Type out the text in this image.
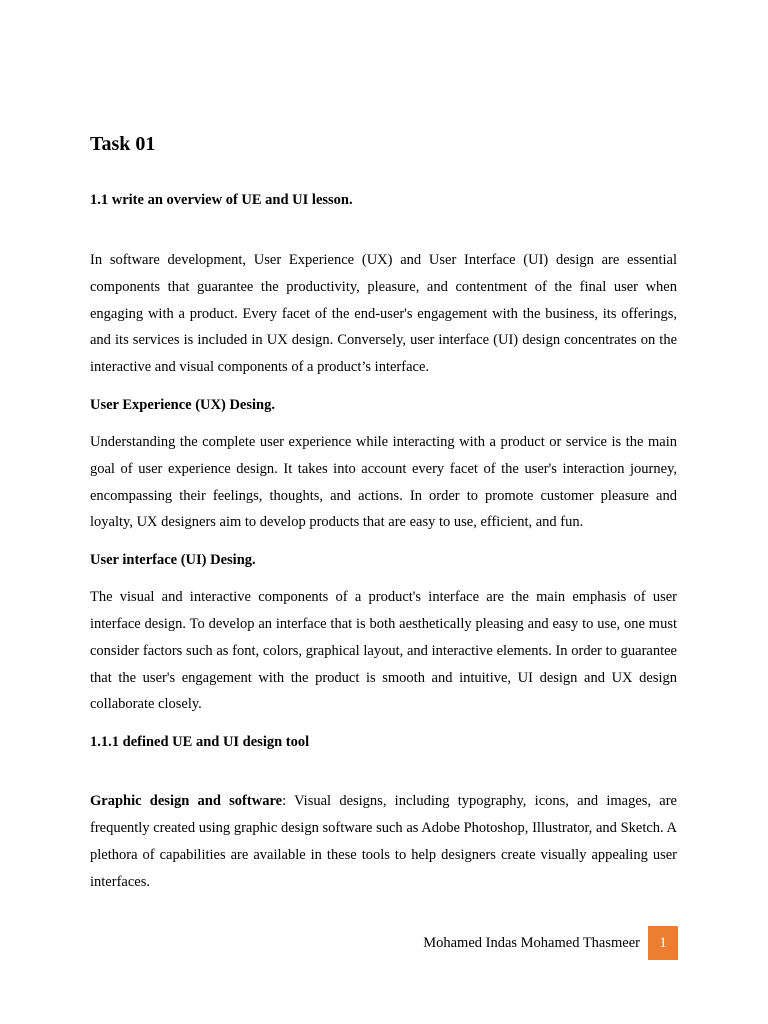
Task 01
1.1 write an overview of UE and UI lesson.

In software development, User Experience (UX) and User Interface (UI) design are essential components that guarantee the productivity, pleasure, and contentment of the final user when engaging with a product. Every facet of the end-user's engagement with the business, its offerings, and its services is included in UX design. Conversely, user interface (UI) design concentrates on the interactive and visual components of a product’s interface.

User Experience (UX) Desing.

Understanding the complete user experience while interacting with a product or service is the main goal of user experience design. It takes into account every facet of the user's interaction journey, encompassing their feelings, thoughts, and actions. In order to promote customer pleasure and loyalty, UX designers aim to develop products that are easy to use, efficient, and fun.

User interface (UI) Desing.

The visual and interactive components of a product's interface are the main emphasis of user interface design. To develop an interface that is both aesthetically pleasing and easy to use, one must consider factors such as font, colors, graphical layout, and interactive elements. In order to guarantee that the user's engagement with the product is smooth and intuitive, UI design and UX design collaborate closely.

1.1.1 defined UE and UI design tool

Graphic design and software: Visual designs, including typography, icons, and images, are frequently created using graphic design software such as Adobe Photoshop, Illustrator, and Sketch. A plethora of capabilities are available in these tools to help designers create visually appealing user interfaces.

Mohamed Indas Mohamed Thasmeer	1
